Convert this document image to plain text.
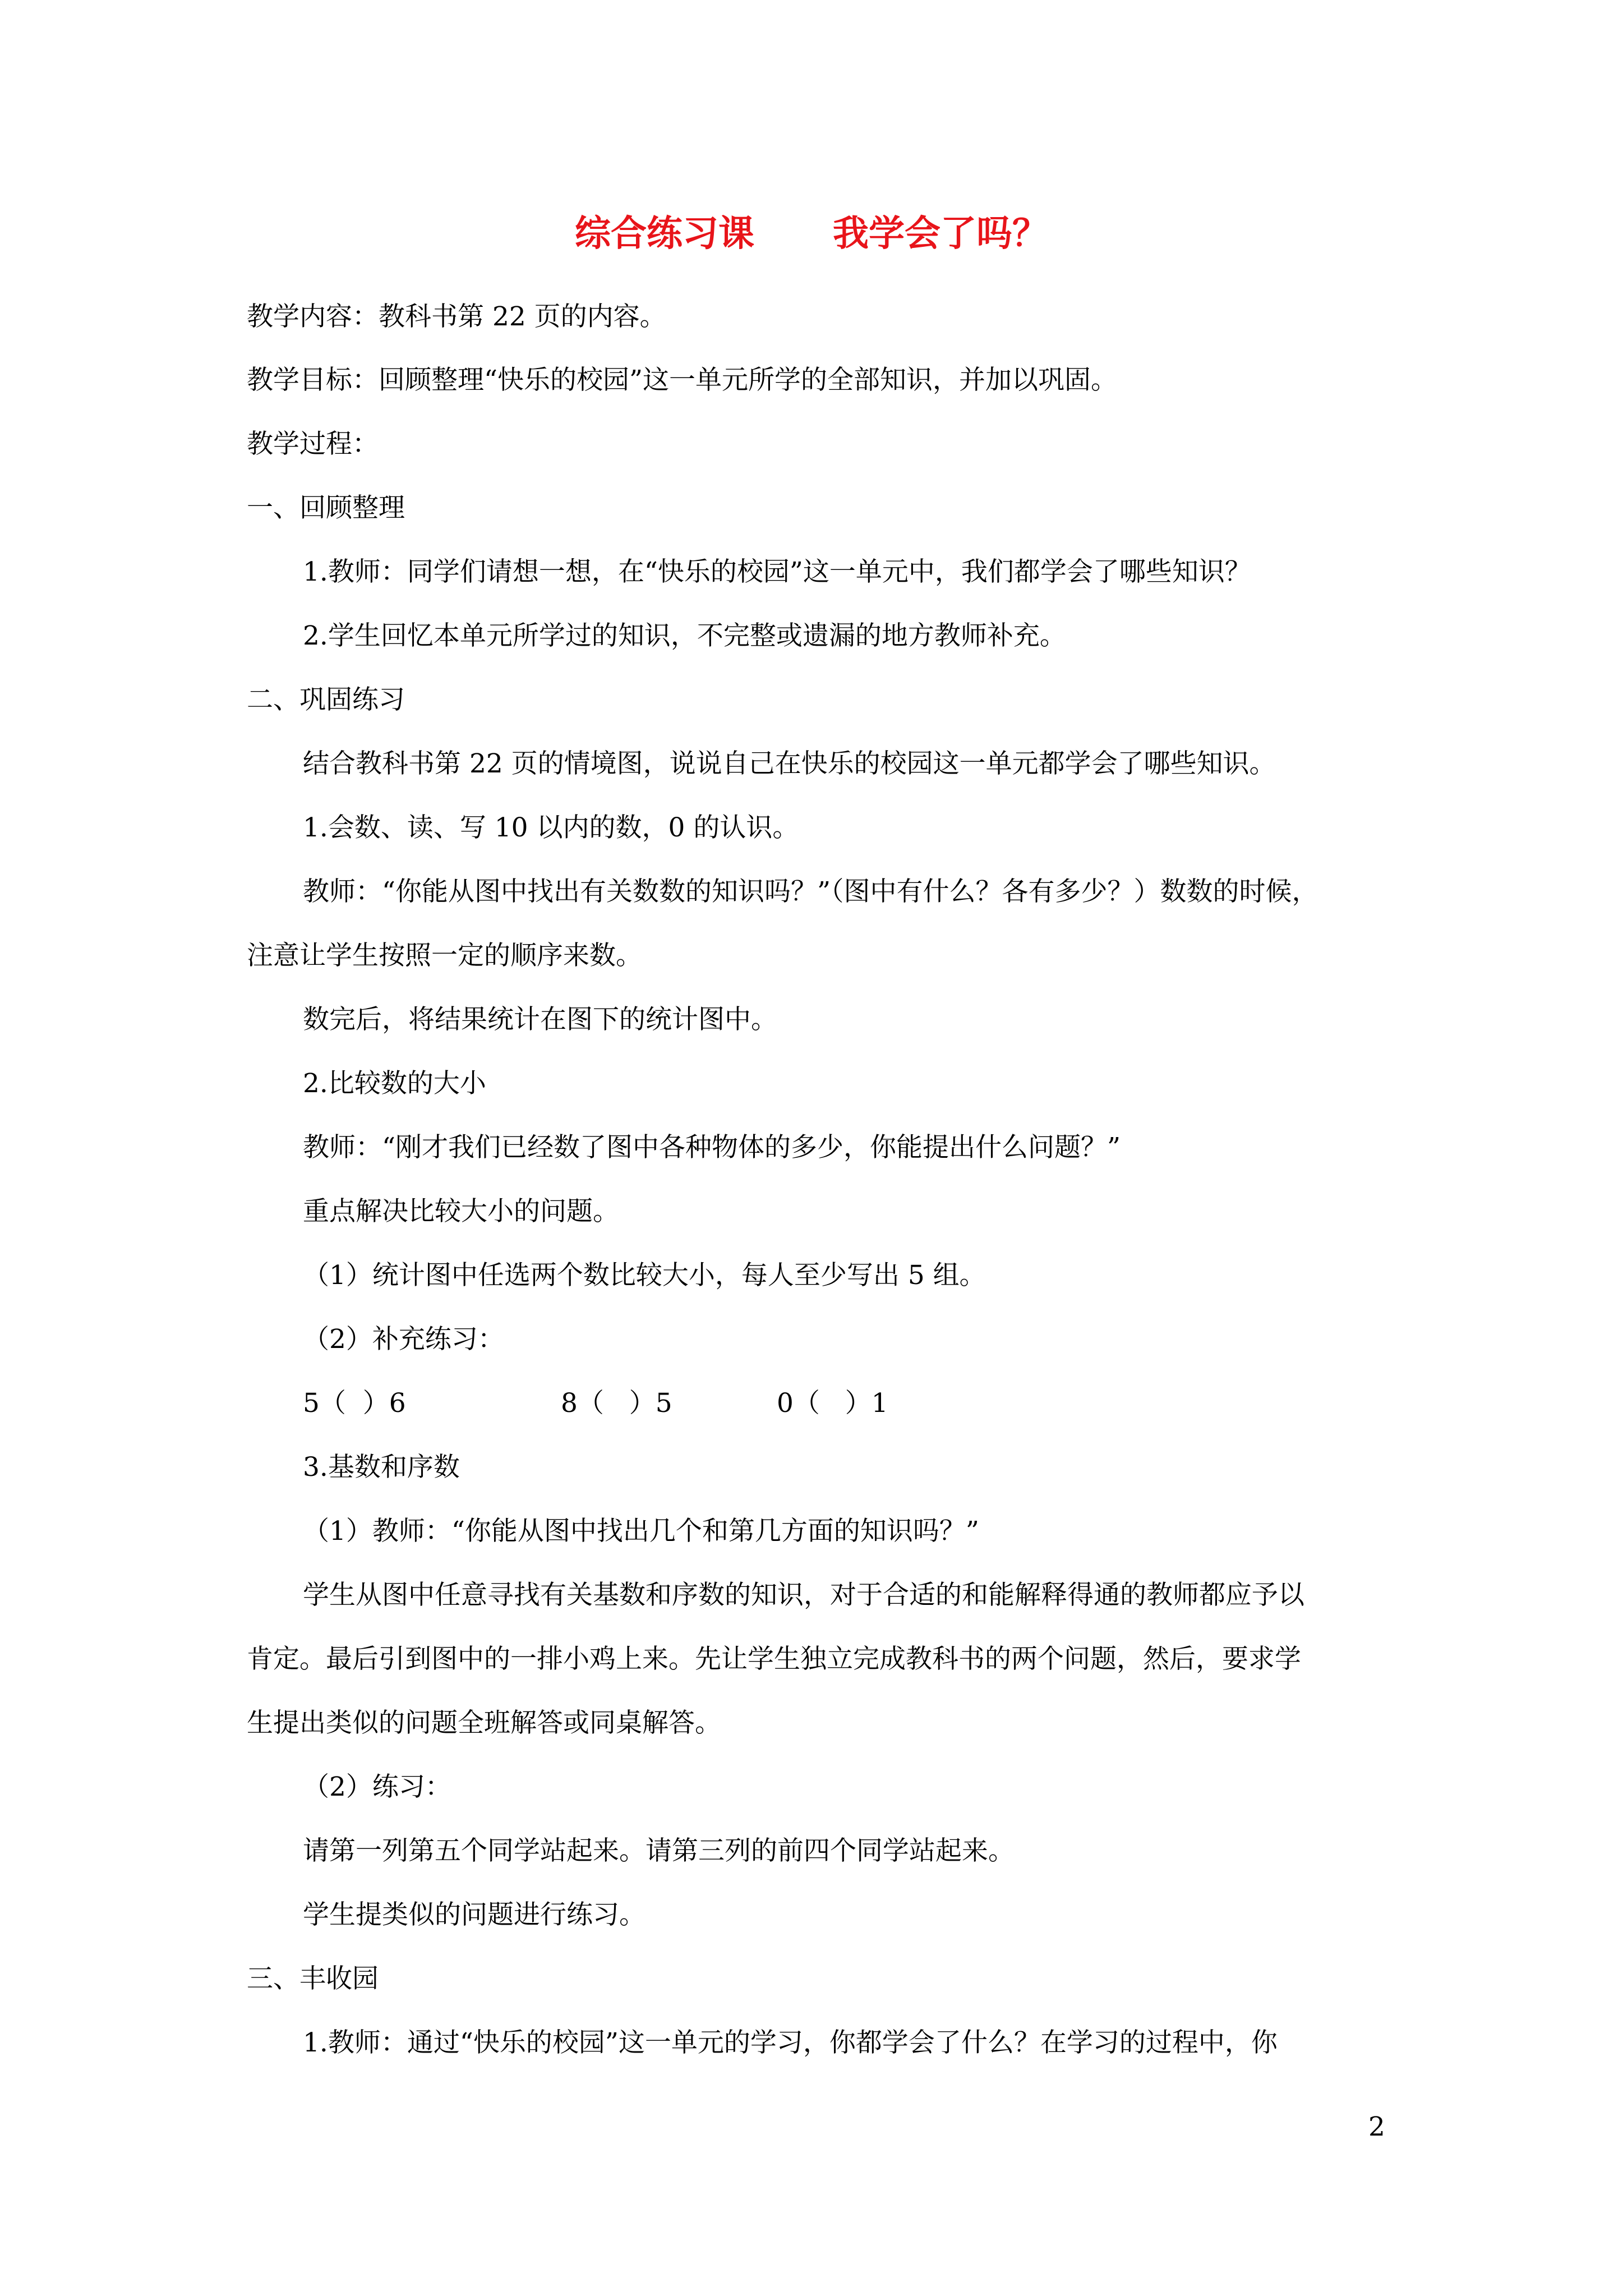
综合练习课 我学会了吗？
教学内容：教科书第 22 页的内容。
教学目标：回顾整理“快乐的校园”这一单元所学的全部知识，并加以巩固。
教学过程：
一、回顾整理
1.教师：同学们请想一想，在“快乐的校园”这一单元中，我们都学会了哪些知识？
2.学生回忆本单元所学过的知识，不完整或遗漏的地方教师补充。
二、巩固练习
结合教科书第 22 页的情境图，说说自己在快乐的校园这一单元都学会了哪些知识。
1.会数、读、写 10 以内的数，0 的认识。
教师：“你能从图中找出有关数数的知识吗？”（图中有什么？各有多少？）数数的时候，
注意让学生按照一定的顺序来数。
数完后，将结果统计在图下的统计图中。
2.比较数的大小
教师：“刚才我们已经数了图中各种物体的多少，你能提出什么问题？”
重点解决比较大小的问题。
（1）统计图中任选两个数比较大小，每人至少写出 5 组。
（2）补充练习：
5（  ）6	8（   ）5	0（   ）1
3.基数和序数
（1）教师：“你能从图中找出几个和第几方面的知识吗？”
学生从图中任意寻找有关基数和序数的知识，对于合适的和能解释得通的教师都应予以
肯定。最后引到图中的一排小鸡上来。先让学生独立完成教科书的两个问题，然后，要求学
生提出类似的问题全班解答或同桌解答。
（2）练习：
请第一列第五个同学站起来。请第三列的前四个同学站起来。
学生提类似的问题进行练习。
三、丰收园
1.教师：通过“快乐的校园”这一单元的学习，你都学会了什么？在学习的过程中，你
2
